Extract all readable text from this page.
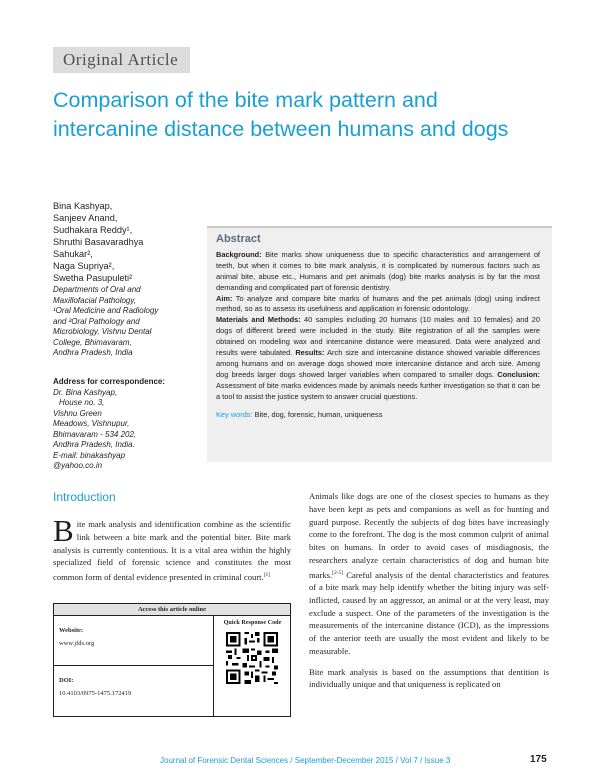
Original Article
Comparison of the bite mark pattern and intercanine distance between humans and dogs
Bina Kashyap,
Sanjeev Anand,
Sudhakara Reddy¹,
Shruthi Basavaradhya
Sahukar²,
Naga Supriya²,
Swetha Pasupuleti²
Departments of Oral and
Maxillofacial Pathology,
¹Oral Medicine and Radiology
and ²Oral Pathology and
Microbiology, Vishnu Dental
College, Bhimavaram,
Andhra Pradesh, India
Address for correspondence:
Dr. Bina Kashyap,
House no. 3,
Vishnu Green
Meadows, Vishnupur,
Bhimavaram - 534 202,
Andhra Pradesh, India.
E-mail: binakashyap
@yahoo.co.in
Abstract

Background: Bite marks show uniqueness due to specific characteristics and arrangement of teeth, but when it comes to bite mark analysis, it is complicated by numerous factors such as animal bite, abuse etc., Humans and pet animals (dog) bite marks analysis is by far the most demanding and complicated part of forensic dentistry.
Aim: To analyze and compare bite marks of humans and the pet animals (dog) using indirect method, so as to assess its usefulness and application in forensic odontology.
Materials and Methods: 40 samples including 20 humans (10 males and 10 females) and 20 dogs of different breed were included in the study. Bite registration of all the samples were obtained on modeling wax and intercanine distance were measured. Data were analyzed and results were tabulated. Results: Arch size and intercanine distance showed variable differences among humans and on average dogs showed more intercanine distance and arch size. Among dog breeds larger dogs showed larger variables when compared to smaller dogs. Conclusion: Assessment of bite marks evidences made by animals needs further investigation so that it can be a tool to assist the justice system to answer crucial questions.

Key words: Bite, dog, forensic, human, uniqueness

Introduction
Bite mark analysis and identification combine as the scientific link between a bite mark and the potential biter. Bite mark analysis is currently contentious. It is a vital area within the highly specialized field of forensic science and constitutes the most common form of dental evidence presented in criminal court.[1]
Access this article online
Website:
www.jfds.org
DOI:
10.4103/0975-1475.172419
Quick Response Code

Animals like dogs are one of the closest species to humans as they have been kept as pets and companions as well as for hunting and guard purpose. Recently the subjects of dog bites have increasingly come to the forefront. The dog is the most common culprit of animal bites on humans. In order to avoid cases of misdiagnosis, the researchers analyze certain characteristics of dog and human bite marks.[2-5] Careful analysis of the dental characteristics and features of a bite mark may help identify whether the biting injury was self-inflicted, caused by an aggressor, an animal or at the very least, may exclude a suspect. One of the parameters of the investigation is the measurements of the intercanine distance (ICD), as the impressions of the anterior teeth are usually the most evident and likely to be measurable.

Bite mark analysis is based on the assumptions that dentition is individually unique and that uniqueness is replicated on

Journal of Forensic Dental Sciences / September-December 2015 / Vol 7 / Issue 3	175
